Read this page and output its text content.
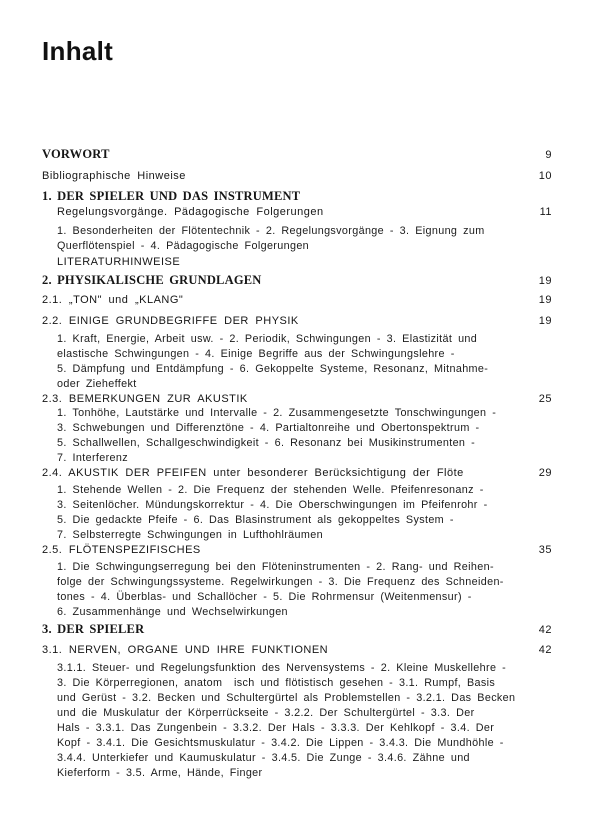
Inhalt
VORWORT	9
Bibliographische Hinweise	10
1. DER SPIELER UND DAS INSTRUMENT
Regelungsvorgänge. Pädagogische Folgerungen	11
1. Besonderheiten der Flötentechnik - 2. Regelungsvorgänge - 3. Eignung zum
Querflötenspiel - 4. Pädagogische Folgerungen
LITERATURHINWEISE
2. PHYSIKALISCHE GRUNDLAGEN	19
2.1. „TON" und „KLANG"	19
2.2. EINIGE GRUNDBEGRIFFE DER PHYSIK	19
1. Kraft, Energie, Arbeit usw. - 2. Periodik, Schwingungen - 3. Elastizität und
elastische Schwingungen - 4. Einige Begriffe aus der Schwingungslehre -
5. Dämpfung und Entdämpfung - 6. Gekoppelte Systeme, Resonanz, Mitnahme-
oder Zieheffekt
2.3. BEMERKUNGEN ZUR AKUSTIK	25
1. Tonhöhe, Lautstärke und Intervalle - 2. Zusammengesetzte Tonschwingungen -
3. Schwebungen und Differenztöne - 4. Partialtonreihe und Obertonspektrum -
5. Schallwellen, Schallgeschwindigkeit - 6. Resonanz bei Musikinstrumenten -
7. Interferenz
2.4. AKUSTIK DER PFEIFEN unter besonderer Berücksichtigung der Flöte	29
1. Stehende Wellen - 2. Die Frequenz der stehenden Welle. Pfeifenresonanz -
3. Seitenlöcher. Mündungskorrektur - 4. Die Oberschwingungen im Pfeifenrohr -
5. Die gedackte Pfeife - 6. Das Blasinstrument als gekoppeltes System -
7. Selbsterregte Schwingungen in Lufthohlräumen
2.5. FLÖTENSPEZIFISCHES	35
1. Die Schwingungserregung bei den Flöteninstrumenten - 2. Rang- und Reihen-
folge der Schwingungssysteme. Regelwirkungen - 3. Die Frequenz des Schneiden-
tones - 4. Überblas- und Schallöcher - 5. Die Rohrmensur (Weitenmensur) -
6. Zusammenhänge und Wechselwirkungen
3. DER SPIELER	42
3.1. NERVEN, ORGANE UND IHRE FUNKTIONEN	42
3.1.1. Steuer- und Regelungsfunktion des Nervensystems - 2. Kleine Muskellehre -
3. Die Körperregionen, anatom  isch und flötistisch gesehen - 3.1. Rumpf, Basis
und Gerüst - 3.2. Becken und Schultergürtel als Problemstellen - 3.2.1. Das Becken
und die Muskulatur der Körperrückseite - 3.2.2. Der Schultergürtel - 3.3. Der
Hals - 3.3.1. Das Zungenbein - 3.3.2. Der Hals - 3.3.3. Der Kehlkopf - 3.4. Der
Kopf - 3.4.1. Die Gesichtsmuskulatur - 3.4.2. Die Lippen - 3.4.3. Die Mundhöhle -
3.4.4. Unterkiefer und Kaumuskulatur - 3.4.5. Die Zunge - 3.4.6. Zähne und
Kieferform - 3.5. Arme, Hände, Finger
